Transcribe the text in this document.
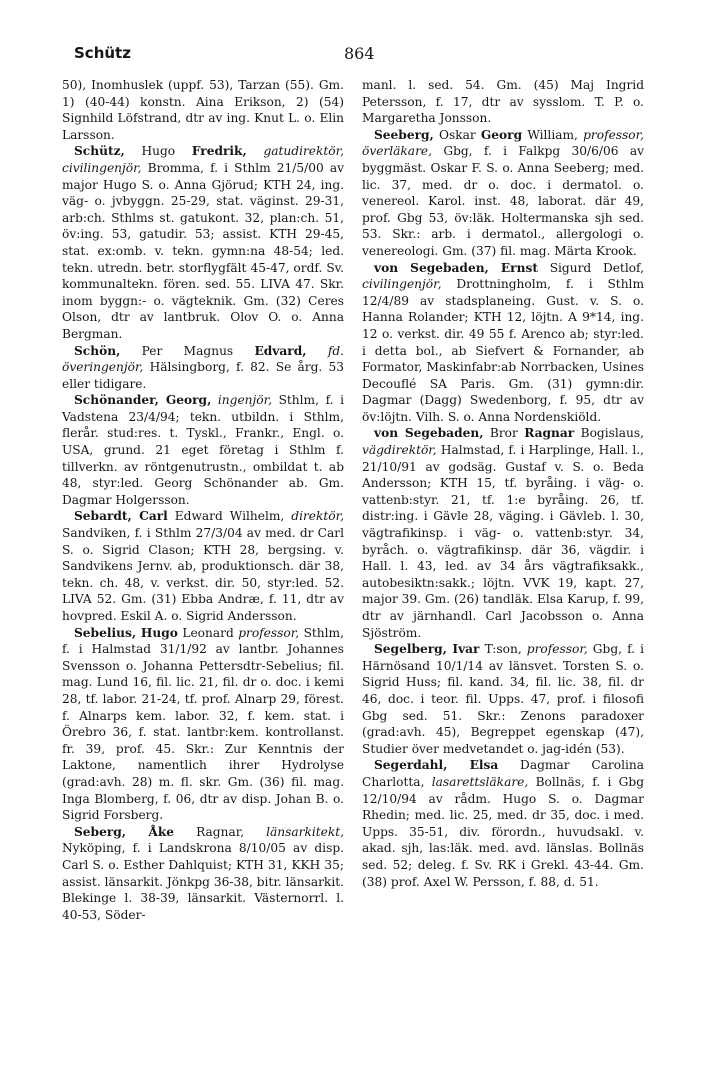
Schütz	864

50), Inomhuslek (uppf. 53), Tarzan (55). Gm. 1) (40-44) konstn. Aina Erikson, 2) (54) Signhild Löfstrand, dtr av ing. Knut L. o. Elin Larsson.

Schütz, Hugo Fredrik, gatudirektör, civilingenjör, Bromma, f. i Sthlm 21/5/00 av major Hugo S. o. Anna Gjörud; KTH 24, ing. väg- o. jvbyggn. 25-29, stat. väginst. 29-31, arb:ch. Sthlms st. gatukont. 32, plan:ch. 51, öv:ing. 53, gatudir. 53; assist. KTH 29-45, stat. ex:omb. v. tekn. gymn:na 48-54; led. tekn. utredn. betr. storflygfält 45-47, ordf. Sv. kommunaltekn. fören. sed. 55. LIVA 47. Skr. inom byggn:- o. vägteknik. Gm. (32) Ceres Olson, dtr av lantbruk. Olov O. o. Anna Bergman.

Schön, Per Magnus Edvard, fd. överingenjör, Hälsingborg, f. 82. Se årg. 53 eller tidigare.

Schönander, Georg, ingenjör, Sthlm, f. i Vadstena 23/4/94; tekn. utbildn. i Sthlm, flerår. stud:res. t. Tyskl., Frankr., Engl. o. USA, grund. 21 eget företag i Sthlm f. tillverkn. av röntgenutrustn., ombildat t. ab 48, styr:led. Georg Schönander ab. Gm. Dagmar Holgersson.

Sebardt, Carl Edward Wilhelm, direktör, Sandviken, f. i Sthlm 27/3/04 av med. dr Carl S. o. Sigrid Clason; KTH 28, bergsing. v. Sandvikens Jernv. ab, produktionsch. där 38, tekn. ch. 48, v. verkst. dir. 50, styr:led. 52. LIVA 52. Gm. (31) Ebba Andræ, f. 11, dtr av hovpred. Eskil A. o. Sigrid Andersson.

Sebelius, Hugo Leonard professor, Sthlm, f. i Halmstad 31/1/92 av lantbr. Johannes Svensson o. Johanna Pettersdtr-Sebelius; fil. mag. Lund 16, fil. lic. 21, fil. dr o. doc. i kemi 28, tf. labor. 21-24, tf. prof. Alnarp 29, förest. f. Alnarps kem. labor. 32, f. kem. stat. i Örebro 36, f. stat. lantbr:kem. kontrollanst. fr. 39, prof. 45. Skr.: Zur Kenntnis der Laktone, namentlich ihrer Hydrolyse (grad:avh. 28) m. fl. skr. Gm. (36) fil. mag. Inga Blomberg, f. 06, dtr av disp. Johan B. o. Sigrid Forsberg.

Seberg, Åke Ragnar, länsarkitekt, Nyköping, f. i Landskrona 8/10/05 av disp. Carl S. o. Esther Dahlquist; KTH 31, KKH 35; assist. länsarkit. Jönkpg 36-38, bitr. länsarkit. Blekinge l. 38-39, länsarkit. Västernorrl. l. 40-53, Söder-

manl. l. sed. 54. Gm. (45) Maj Ingrid Petersson, f. 17, dtr av sysslom. T. P. o. Margaretha Jonsson.

Seeberg, Oskar Georg William, professor, överläkare, Gbg, f. i Falkpg 30/6/06 av byggmäst. Oskar F. S. o. Anna Seeberg; med. lic. 37, med. dr o. doc. i dermatol. o. venereol. Karol. inst. 48, laborat. där 49, prof. Gbg 53, öv:läk. Holtermanska sjh sed. 53. Skr.: arb. i dermatol., allergologi o. venereologi. Gm. (37) fil. mag. Märta Krook.

von Segebaden, Ernst Sigurd Detlof, civilingenjör, Drottningholm, f. i Sthlm 12/4/89 av stadsplaneing. Gust. v. S. o. Hanna Rolander; KTH 12, löjtn. A 9*14, ing. 12 o. verkst. dir. 49 55 f. Arenco ab; styr:led. i detta bol., ab Siefvert & Fornander, ab Formator, Maskinfabr:ab Norrbacken, Usines Decouflé SA Paris. Gm. (31) gymn:dir. Dagmar (Dagg) Swedenborg, f. 95, dtr av öv:löjtn. Vilh. S. o. Anna Nordenskiöld.

von Segebaden, Bror Ragnar Bogislaus, vägdirektör, Halmstad, f. i Harplinge, Hall. l., 21/10/91 av godsäg. Gustaf v. S. o. Beda Andersson; KTH 15, tf. byråing. i väg- o. vattenb:styr. 21, tf. 1:e byråing. 26, tf. distr:ing. i Gävle 28, väging. i Gävleb. l. 30, vägtrafikinsp. i väg- o. vattenb:styr. 34, byråch. o. vägtrafikinsp. där 36, vägdir. i Hall. l. 43, led. av 34 års vägtrafiksakk., autobesiktn:sakk.; löjtn. VVK 19, kapt. 27, major 39. Gm. (26) tandläk. Elsa Karup, f. 99, dtr av järnhandl. Carl Jacobsson o. Anna Sjöström.

Segelberg, Ivar T:son, professor, Gbg, f. i Härnösand 10/1/14 av länsvet. Torsten S. o. Sigrid Huss; fil. kand. 34, fil. lic. 38, fil. dr 46, doc. i teor. fil. Upps. 47, prof. i filosofi Gbg sed. 51. Skr.: Zenons paradoxer (grad:avh. 45), Begreppet egenskap (47), Studier över medvetandet o. jag-idén (53).

Segerdahl, Elsa Dagmar Carolina Charlotta, lasarettsläkare, Bollnäs, f. i Gbg 12/10/94 av rådm. Hugo S. o. Dagmar Rhedin; med. lic. 25, med. dr 35, doc. i med. Upps. 35-51, div. förordn., huvudsakl. v. akad. sjh, las:läk. med. avd. länslas. Bollnäs sed. 52; deleg. f. Sv. RK i Grekl. 43-44. Gm. (38) prof. Axel W. Persson, f. 88, d. 51.
